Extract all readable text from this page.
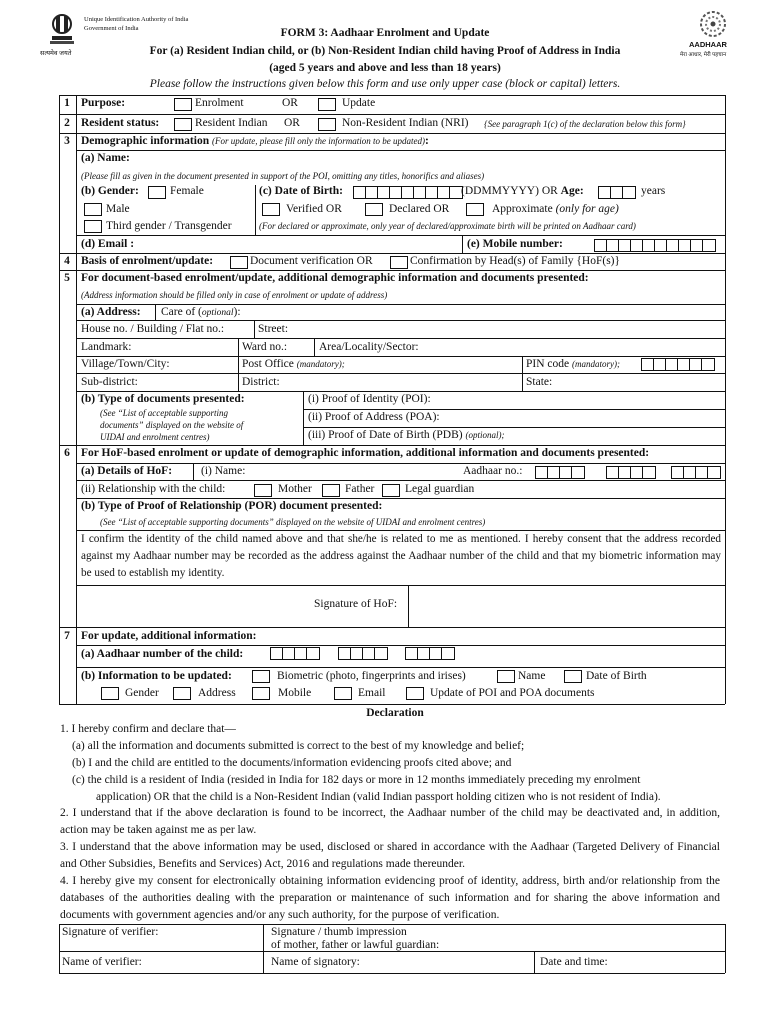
सत्यमेव जयते
Unique Identification Authority of India
Government of India
AADHAAR
मेरा आधार, मेरी पहचान
FORM 3: Aadhaar Enrolment and Update
For (a) Resident Indian child, or (b) Non-Resident Indian child having Proof of Address in India
(aged 5 years and above and less than 18 years)
Please follow the instructions given below this form and use only upper case (block or capital) letters.
1 Purpose:	Enrolment	OR	Update
2 Resident status:	Resident Indian OR	Non-Resident Indian (NRI) {See paragraph 1(c) of the declaration below this form}
3 Demographic information (For update, please fill only the information to be updated):
(a) Name:
(Please fill as given in the document presented in support of the POI, omitting any titles, honorifics and aliases)
(b) Gender:	Female
Male
Third gender / Transgender
(c) Date of Birth:	(DDMMYYYY) OR Age:	years
Verified OR	Declared OR	Approximate (only for age)
(For declared or approximate, only year of declared/approximate birth will be printed on Aadhaar card)
(d) Email :	(e) Mobile number:
4 Basis of enrolment/update:	Document verification OR	Confirmation by Head(s) of Family {HoF(s)}
5 For document-based enrolment/update, additional demographic information and documents presented:
(Address information should be filled only in case of enrolment or update of address)
(a) Address: Care of (optional):
House no. / Building / Flat no.:	Street:
Landmark:	Ward no.:	Area/Locality/Sector:
Village/Town/City:	Post Office (mandatory);	PIN code (mandatory);
Sub-district:	District:	State:
(b) Type of documents presented:
(See “List of acceptable supporting
documents” displayed on the website of
UIDAI and enrolment centres)
(i) Proof of Identity (POI):
(ii) Proof of Address (POA):
(iii) Proof of Date of Birth (PDB) (optional);
6 For HoF-based enrolment or update of demographic information, additional information and documents presented:
(a) Details of HoF:	(i) Name:	Aadhaar no.:
(ii) Relationship with the child:	Mother	Father	Legal guardian
(b) Type of Proof of Relationship (POR) document presented:
(See “List of acceptable supporting documents” displayed on the website of UIDAI and enrolment centres)
I confirm the identity of the child named above and that she/he is related to me as mentioned. I hereby consent that the address recorded against my Aadhaar number may be recorded as the address against the Aadhaar number of the child and that my biometric information may be used to establish my identity.
Signature of HoF:
7 For update, additional information:
(a) Aadhaar number of the child:
(b) Information to be updated:	Biometric (photo, fingerprints and irises)	Name	Date of Birth
Gender	Address	Mobile	Email	Update of POI and POA documents
Declaration
1. I hereby confirm and declare that—
(a) all the information and documents submitted is correct to the best of my knowledge and belief;
(b) I and the child are entitled to the documents/information evidencing proofs cited above; and
(c) the child is a resident of India (resided in India for 182 days or more in 12 months immediately preceding my enrolment
application) OR that the child is a Non-Resident Indian (valid Indian passport holding citizen who is not resident of India).
2. I understand that if the above declaration is found to be incorrect, the Aadhaar number of the child may be deactivated and, in addition, action may be taken against me as per law.
3. I understand that the above information may be used, disclosed or shared in accordance with the Aadhaar (Targeted Delivery of Financial and Other Subsidies, Benefits and Services) Act, 2016 and regulations made thereunder.
4. I hereby give my consent for electronically obtaining information evidencing proof of identity, address, birth and/or relationship from the databases of the authorities dealing with the preparation or maintenance of such information and for sharing the above information and documents with government agencies and/or any such authority, for the purpose of verification.
Signature of verifier:	Signature / thumb impression
of mother, father or lawful guardian:
Name of verifier:	Name of signatory:	Date and time:
